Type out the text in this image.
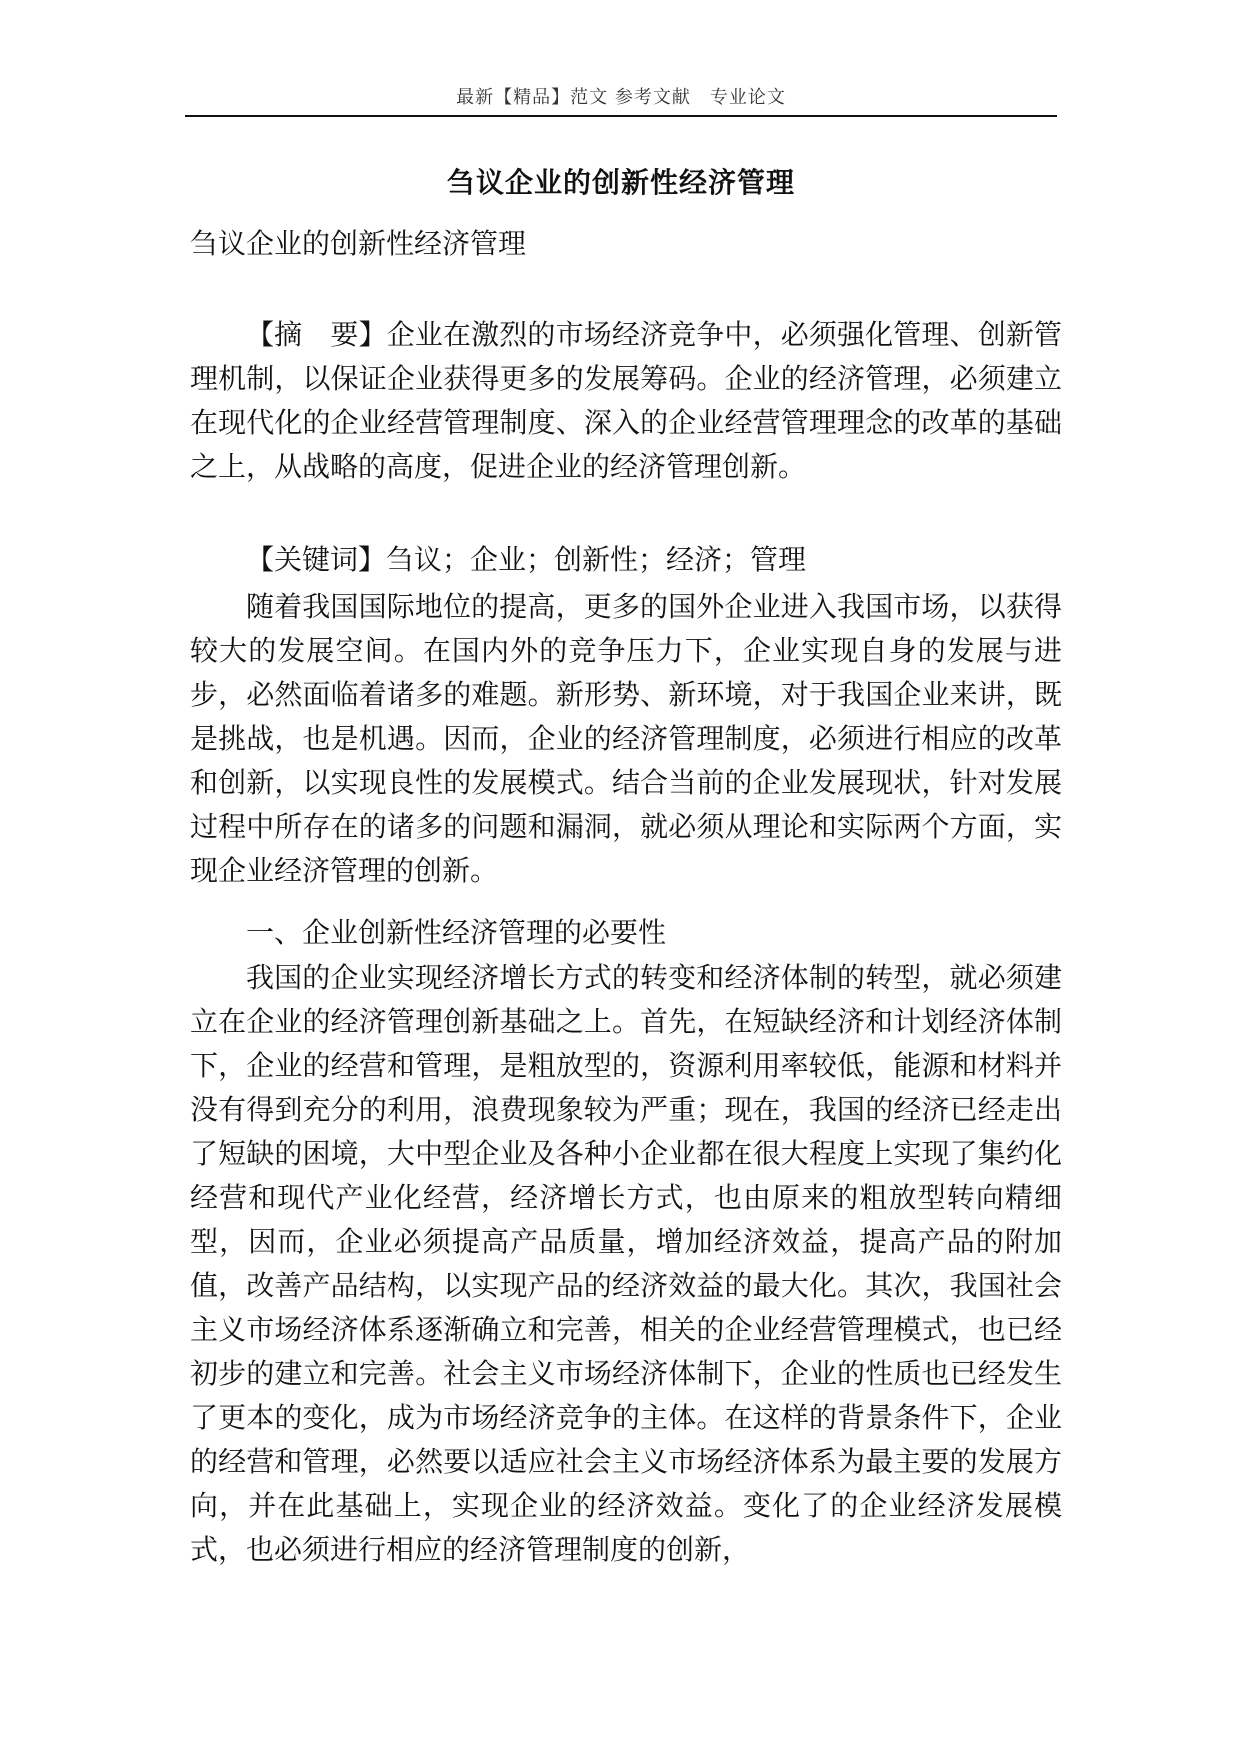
最新【精品】范文 参考文献　专业论文
刍议企业的创新性经济管理
刍议企业的创新性经济管理

【摘　要】企业在激烈的市场经济竞争中，必须强化管理、创新管理机制，以保证企业获得更多的发展筹码。企业的经济管理，必须建立在现代化的企业经营管理制度、深入的企业经营管理理念的改革的基础之上，从战略的高度，促进企业的经济管理创新。

【关键词】刍议；企业；创新性；经济；管理

随着我国国际地位的提高，更多的国外企业进入我国市场，以获得较大的发展空间。在国内外的竞争压力下，企业实现自身的发展与进步，必然面临着诸多的难题。新形势、新环境，对于我国企业来讲，既是挑战，也是机遇。因而，企业的经济管理制度，必须进行相应的改革和创新，以实现良性的发展模式。结合当前的企业发展现状，针对发展过程中所存在的诸多的问题和漏洞，就必须从理论和实际两个方面，实现企业经济管理的创新。

一、企业创新性经济管理的必要性

我国的企业实现经济增长方式的转变和经济体制的转型，就必须建立在企业的经济管理创新基础之上。首先，在短缺经济和计划经济体制下，企业的经营和管理，是粗放型的，资源利用率较低，能源和材料并没有得到充分的利用，浪费现象较为严重；现在，我国的经济已经走出了短缺的困境，大中型企业及各种小企业都在很大程度上实现了集约化经营和现代产业化经营，经济增长方式，也由原来的粗放型转向精细型，因而，企业必须提高产品质量，增加经济效益，提高产品的附加值，改善产品结构，以实现产品的经济效益的最大化。其次，我国社会主义市场经济体系逐渐确立和完善，相关的企业经营管理模式，也已经初步的建立和完善。社会主义市场经济体制下，企业的性质也已经发生了更本的变化，成为市场经济竞争的主体。在这样的背景条件下，企业的经营和管理，必然要以适应社会主义市场经济体系为最主要的发展方向，并在此基础上，实现企业的经济效益。变化了的企业经济发展模式，也必须进行相应的经济管理制度的创新，
